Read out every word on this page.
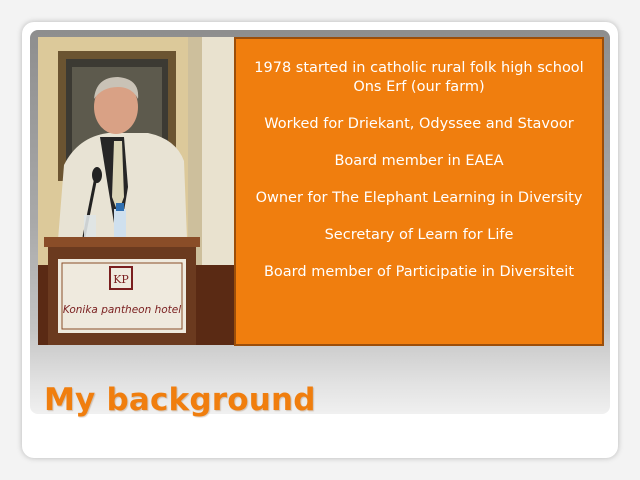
KP
Konika pantheon hotel

1978 started in catholic rural folk high school Ons Erf (our farm)

Worked for Driekant, Odyssee and Stavoor

Board member in EAEA

Owner for The Elephant Learning in Diversity

Secretary of Learn for Life

Board member of Participatie in Diversiteit

My background
